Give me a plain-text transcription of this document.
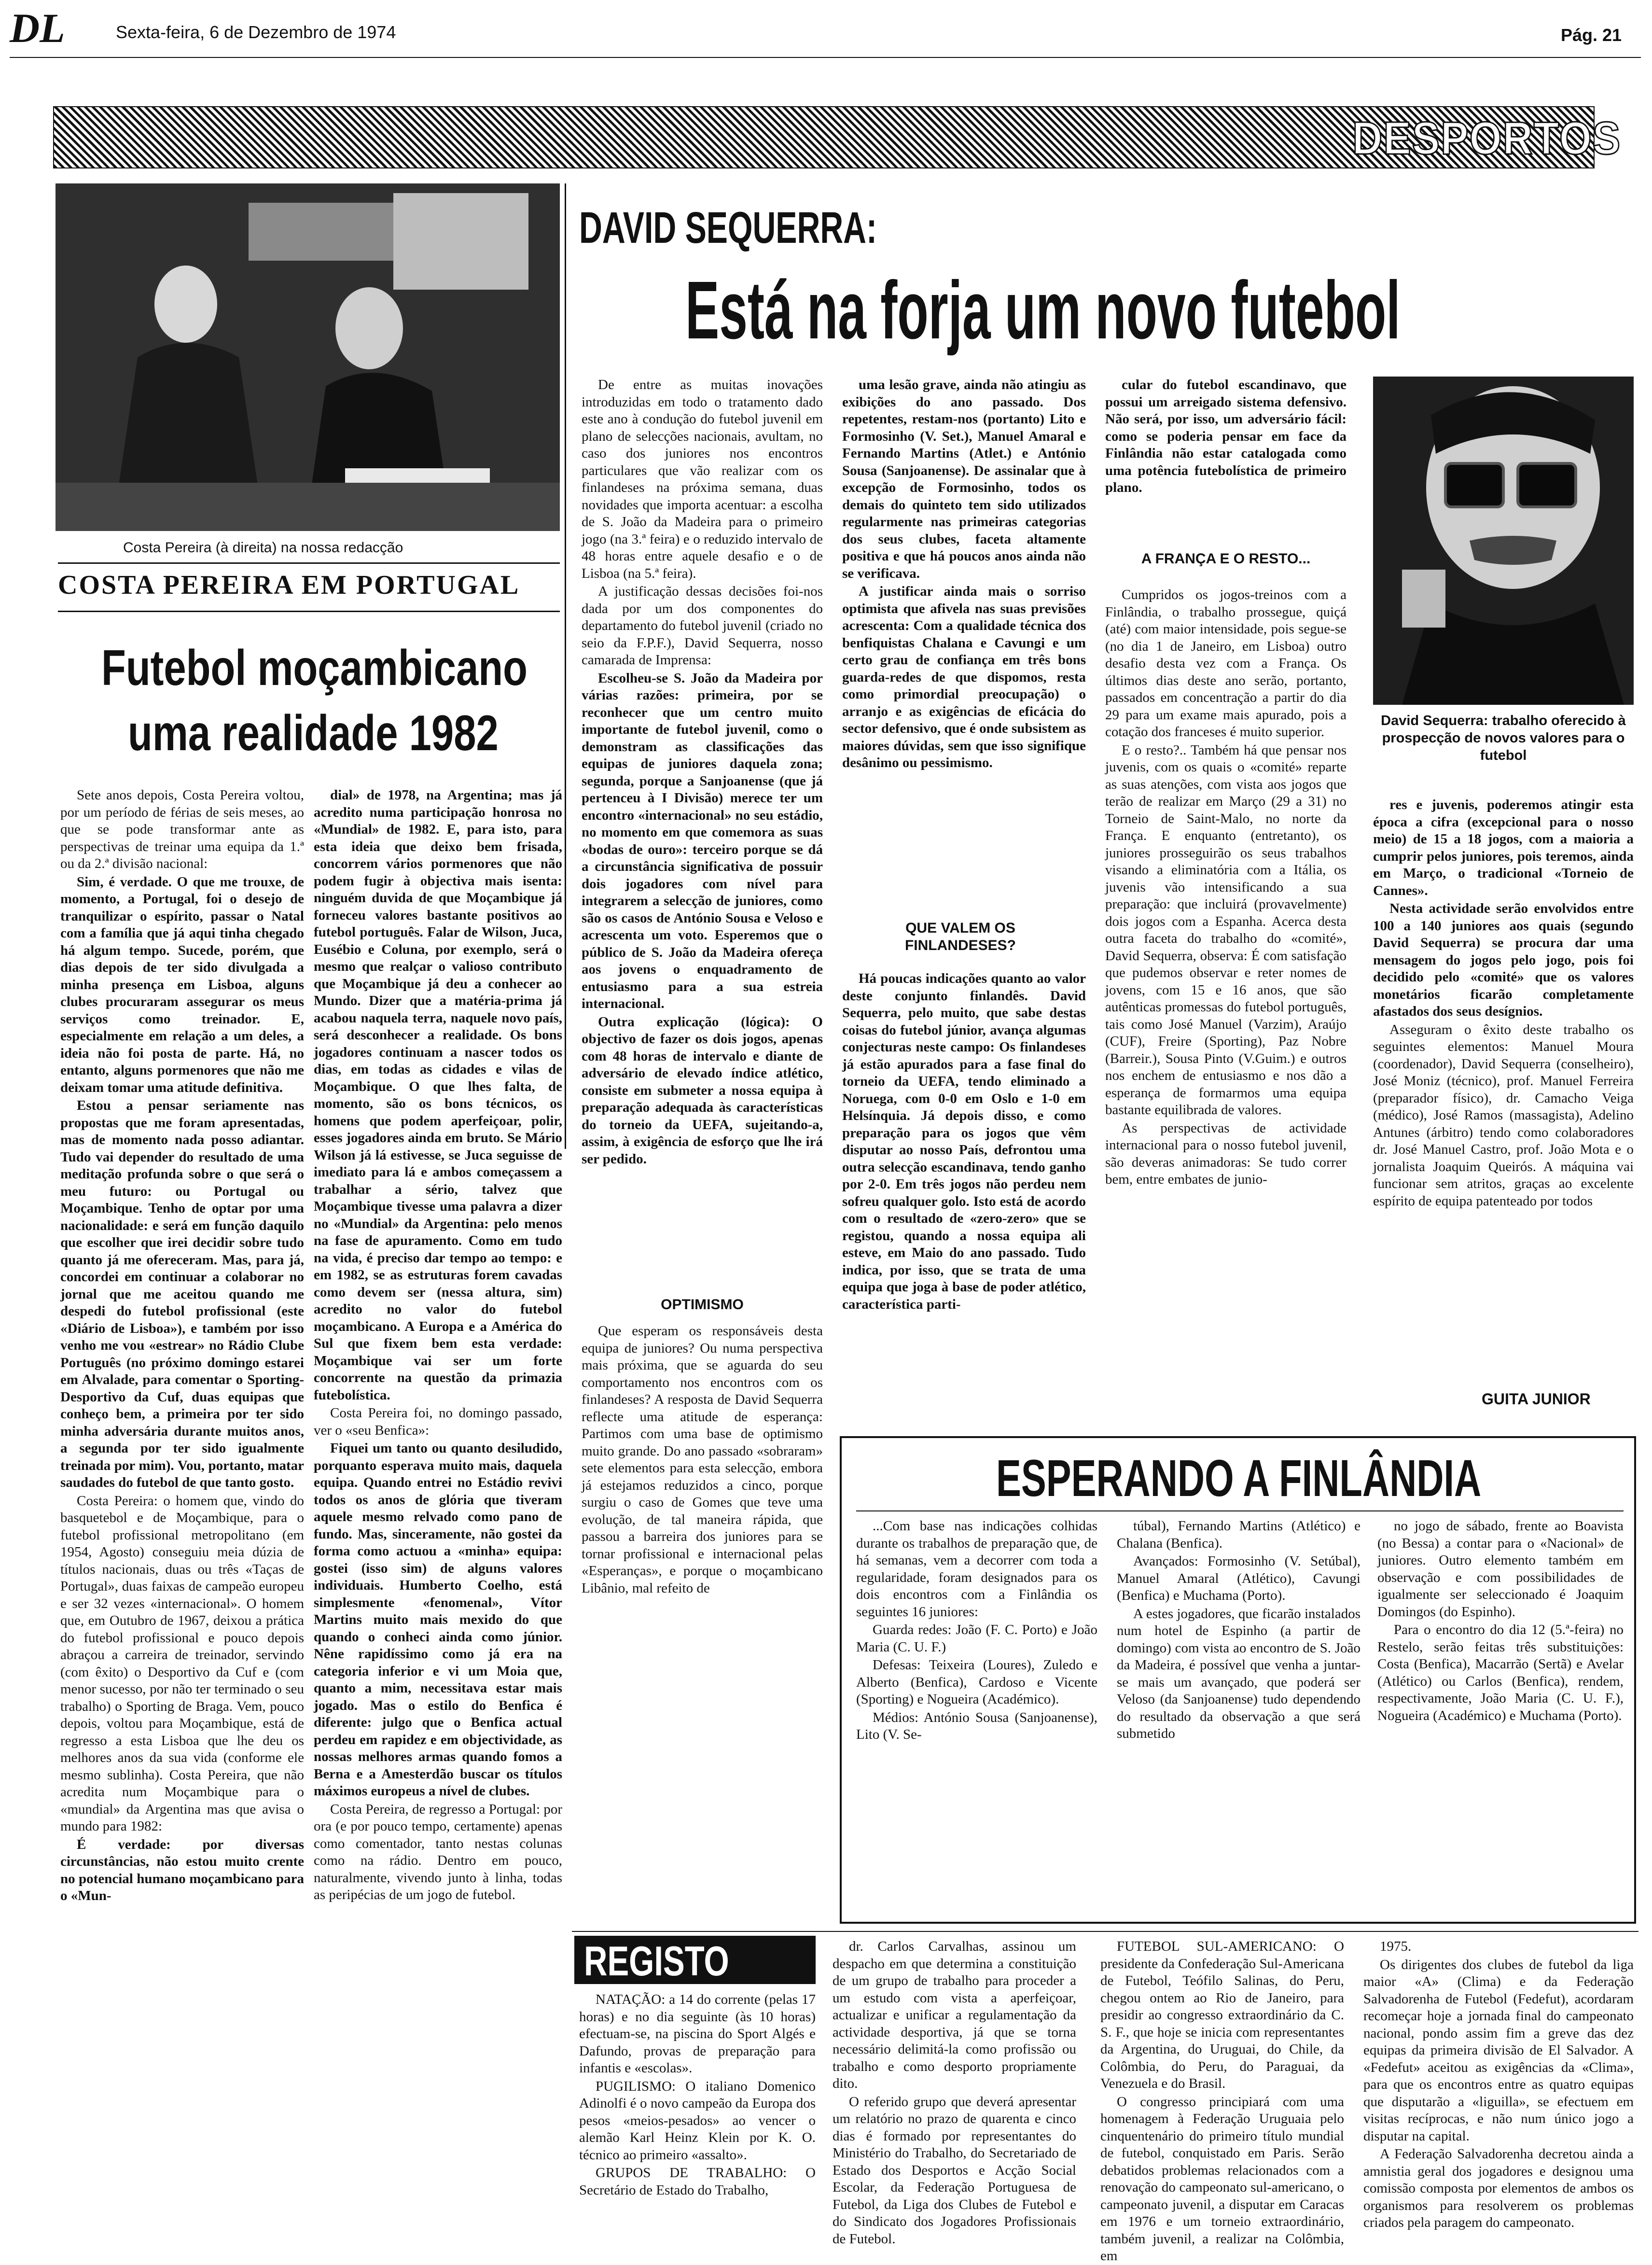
DL	Sexta-feira, 6 de Dezembro de 1974	Pág. 21
DESPORTOS
Costa Pereira (à direita) na nossa redacção
COSTA PEREIRA EM PORTUGAL
Futebol moçambicano
uma realidade 1982

Sete anos depois, Costa Pereira voltou, por um período de férias de seis meses, ao que se pode transformar ante as perspectivas de treinar uma equipa da 1.ª ou da 2.ª divisão nacional:

Sim, é verdade. O que me trouxe, de momento, a Portugal, foi o desejo de tranquilizar o espírito, passar o Natal com a família que já aqui tinha chegado há algum tempo. Sucede, porém, que dias depois de ter sido divulgada a minha presença em Lisboa, alguns clubes procuraram assegurar os meus serviços como treinador. E, especialmente em relação a um deles, a ideia não foi posta de parte. Há, no entanto, alguns pormenores que não me deixam tomar uma atitude definitiva.

Estou a pensar seriamente nas propostas que me foram apresentadas, mas de momento nada posso adiantar. Tudo vai depender do resultado de uma meditação profunda sobre o que será o meu futuro: ou Portugal ou Moçambique. Tenho de optar por uma nacionalidade: e será em função daquilo que escolher que irei decidir sobre tudo quanto já me ofereceram. Mas, para já, concordei em continuar a colaborar no jornal que me aceitou quando me despedi do futebol profissional (este «Diário de Lisboa»), e também por isso venho me vou «estrear» no Rádio Clube Português (no próximo domingo estarei em Alvalade, para comentar o Sporting-Desportivo da Cuf, duas equipas que conheço bem, a primeira por ter sido minha adversária durante muitos anos, a segunda por ter sido igualmente treinada por mim). Vou, portanto, matar saudades do futebol de que tanto gosto.

Costa Pereira: o homem que, vindo do basquetebol e de Moçambique, para o futebol profissional metropolitano (em 1954, Agosto) conseguiu meia dúzia de títulos nacionais, duas ou três «Taças de Portugal», duas faixas de campeão europeu e ser 32 vezes «internacional». O homem que, em Outubro de 1967, deixou a prática do futebol profissional e pouco depois abraçou a carreira de treinador, servindo (com êxito) o Desportivo da Cuf e (com menor sucesso, por não ter terminado o seu trabalho) o Sporting de Braga. Vem, pouco depois, voltou para Moçambique, está de regresso a esta Lisboa que lhe deu os melhores anos da sua vida (conforme ele mesmo sublinha). Costa Pereira, que não acredita num Moçambique para o «mundial» da Argentina mas que avisa o mundo para 1982:

É verdade: por diversas circunstâncias, não estou muito crente no potencial humano moçambicano para o «Mun-

dial» de 1978, na Argentina; mas já acredito numa participação honrosa no «Mundial» de 1982. E, para isto, para esta ideia que deixo bem frisada, concorrem vários pormenores que não podem fugir à objectiva mais isenta: ninguém duvida de que Moçambique já forneceu valores bastante positivos ao futebol português. Falar de Wilson, Juca, Eusébio e Coluna, por exemplo, será o mesmo que realçar o valioso contributo que Moçambique já deu a conhecer ao Mundo. Dizer que a matéria-prima já acabou naquela terra, naquele novo país, será desconhecer a realidade. Os bons jogadores continuam a nascer todos os dias, em todas as cidades e vilas de Moçambique. O que lhes falta, de momento, são os bons técnicos, os homens que podem aperfeiçoar, polir, esses jogadores ainda em bruto. Se Mário Wilson já lá estivesse, se Juca seguisse de imediato para lá e ambos começassem a trabalhar a sério, talvez que Moçambique tivesse uma palavra a dizer no «Mundial» da Argentina: pelo menos na fase de apuramento. Como em tudo na vida, é preciso dar tempo ao tempo: e em 1982, se as estruturas forem cavadas como devem ser (nessa altura, sim) acredito no valor do futebol moçambicano. A Europa e a América do Sul que fixem bem esta verdade: Moçambique vai ser um forte concorrente na questão da primazia futebolística.

Costa Pereira foi, no domingo passado, ver o «seu Benfica»:

Fiquei um tanto ou quanto desiludido, porquanto esperava muito mais, daquela equipa. Quando entrei no Estádio revivi todos os anos de glória que tiveram aquele mesmo relvado como pano de fundo. Mas, sinceramente, não gostei da forma como actuou a «minha» equipa: gostei (isso sim) de alguns valores individuais. Humberto Coelho, está simplesmente «fenomenal», Vítor Martins muito mais mexido do que quando o conheci ainda como júnior. Nêne rapidíssimo como já era na categoria inferior e vi um Moia que, quanto a mim, necessitava estar mais jogado. Mas o estilo do Benfica é diferente: julgo que o Benfica actual perdeu em rapidez e em objectividade, as nossas melhores armas quando fomos a Berna e a Amesterdão buscar os títulos máximos europeus a nível de clubes.

Costa Pereira, de regresso a Portugal: por ora (e por pouco tempo, certamente) apenas como comentador, tanto nestas colunas como na rádio. Dentro em pouco, naturalmente, vivendo junto à linha, todas as peripécias de um jogo de futebol.

DAVID SEQUERRA:
Está na forja um novo futebol

De entre as muitas inovações introduzidas em todo o tratamento dado este ano à condução do futebol juvenil em plano de selecções nacionais, avultam, no caso dos juniores nos encontros particulares que vão realizar com os finlandeses na próxima semana, duas novidades que importa acentuar: a escolha de S. João da Madeira para o primeiro jogo (na 3.ª feira) e o reduzido intervalo de 48 horas entre aquele desafio e o de Lisboa (na 5.ª feira).

A justificação dessas decisões foi-nos dada por um dos componentes do departamento do futebol juvenil (criado no seio da F.P.F.), David Sequerra, nosso camarada de Imprensa:

Escolheu-se S. João da Madeira por várias razões: primeira, por se reconhecer que um centro muito importante de futebol juvenil, como o demonstram as classificações das equipas de juniores daquela zona; segunda, porque a Sanjoanense (que já pertenceu à I Divisão) merece ter um encontro «internacional» no seu estádio, no momento em que comemora as suas «bodas de ouro»: terceiro porque se dá a circunstância significativa de possuir dois jogadores com nível para integrarem a selecção de juniores, como são os casos de António Sousa e Veloso e acrescenta um voto. Esperemos que o público de S. João da Madeira ofereça aos jovens o enquadramento de entusiasmo para a sua estreia internacional.

Outra explicação (lógica): O objectivo de fazer os dois jogos, apenas com 48 horas de intervalo e diante de adversário de elevado índice atlético, consiste em submeter a nossa equipa à preparação adequada às características do torneio da UEFA, sujeitando-a, assim, à exigência de esforço que lhe irá ser pedido.

OPTIMISMO

Que esperam os responsáveis desta equipa de juniores? Ou numa perspectiva mais próxima, que se aguarda do seu comportamento nos encontros com os finlandeses? A resposta de David Sequerra reflecte uma atitude de esperança: Partimos com uma base de optimismo muito grande. Do ano passado «sobraram» sete elementos para esta selecção, embora já estejamos reduzidos a cinco, porque surgiu o caso de Gomes que teve uma evolução, de tal maneira rápida, que passou a barreira dos juniores para se tornar profissional e internacional pelas «Esperanças», e porque o moçambicano Libânio, mal refeito de

uma lesão grave, ainda não atingiu as exibições do ano passado. Dos repetentes, restam-nos (portanto) Lito e Formosinho (V. Set.), Manuel Amaral e Fernando Martins (Atlet.) e António Sousa (Sanjoanense). De assinalar que à excepção de Formosinho, todos os demais do quinteto tem sido utilizados regularmente nas primeiras categorias dos seus clubes, faceta altamente positiva e que há poucos anos ainda não se verificava.

A justificar ainda mais o sorriso optimista que afivela nas suas previsões acrescenta: Com a qualidade técnica dos benfiquistas Chalana e Cavungi e um certo grau de confiança em três bons guarda-redes de que dispomos, resta como primordial preocupação) o arranjo e as exigências de eficácia do sector defensivo, que é onde subsistem as maiores dúvidas, sem que isso signifique desânimo ou pessimismo.

QUE VALEM OS FINLANDESES?

Há poucas indicações quanto ao valor deste conjunto finlandês. David Sequerra, pelo muito, que sabe destas coisas do futebol júnior, avança algumas conjecturas neste campo: Os finlandeses já estão apurados para a fase final do torneio da UEFA, tendo eliminado a Noruega, com 0-0 em Oslo e 1-0 em Helsínquia. Já depois disso, e como preparação para os jogos que vêm disputar ao nosso País, defrontou uma outra selecção escandinava, tendo ganho por 2-0. Em três jogos não perdeu nem sofreu qualquer golo. Isto está de acordo com o resultado de «zero-zero» que se registou, quando a nossa equipa ali esteve, em Maio do ano passado. Tudo indica, por isso, que se trata de uma equipa que joga à base de poder atlético, característica parti-

cular do futebol escandinavo, que possui um arreigado sistema defensivo. Não será, por isso, um adversário fácil: como se poderia pensar em face da Finlândia não estar catalogada como uma potência futebolística de primeiro plano.

A FRANÇA E O RESTO...

Cumpridos os jogos-treinos com a Finlândia, o trabalho prossegue, quiçá (até) com maior intensidade, pois segue-se (no dia 1 de Janeiro, em Lisboa) outro desafio desta vez com a França. Os últimos dias deste ano serão, portanto, passados em concentração a partir do dia 29 para um exame mais apurado, pois a cotação dos franceses é muito superior.

E o resto?.. Também há que pensar nos juvenis, com os quais o «comité» reparte as suas atenções, com vista aos jogos que terão de realizar em Março (29 a 31) no Torneio de Saint-Malo, no norte da França. E enquanto (entretanto), os juniores prosseguirão os seus trabalhos visando a eliminatória com a Itália, os juvenis vão intensificando a sua preparação: que incluirá (provavelmente) dois jogos com a Espanha. Acerca desta outra faceta do trabalho do «comité», David Sequerra, observa: É com satisfação que pudemos observar e reter nomes de jovens, com 15 e 16 anos, que são autênticas promessas do futebol português, tais como José Manuel (Varzim), Araújo (CUF), Freire (Sporting), Paz Nobre (Barreir.), Sousa Pinto (V.Guim.) e outros nos enchem de entusiasmo e nos dão a esperança de formarmos uma equipa bastante equilibrada de valores.

As perspectivas de actividade internacional para o nosso futebol juvenil, são deveras animadoras: Se tudo correr bem, entre embates de junio-

David Sequerra: trabalho oferecido à prospecção de novos valores para o futebol

res e juvenis, poderemos atingir esta época a cifra (excepcional para o nosso meio) de 15 a 18 jogos, com a maioria a cumprir pelos juniores, pois teremos, ainda em Março, o tradicional «Torneio de Cannes».

Nesta actividade serão envolvidos entre 100 a 140 juniores aos quais (segundo David Sequerra) se procura dar uma mensagem do jogos pelo jogo, pois foi decidido pelo «comité» que os valores monetários ficarão completamente afastados dos seus desígnios.

Asseguram o êxito deste trabalho os seguintes elementos: Manuel Moura (coordenador), David Sequerra (conselheiro), José Moniz (técnico), prof. Manuel Ferreira (preparador físico), dr. Camacho Veiga (médico), José Ramos (massagista), Adelino Antunes (árbitro) tendo como colaboradores dr. José Manuel Castro, prof. João Mota e o jornalista Joaquim Queirós. A máquina vai funcionar sem atritos, graças ao excelente espírito de equipa patenteado por todos

GUITA JUNIOR
ESPERANDO A FINLÂNDIA

...Com base nas indicações colhidas durante os trabalhos de preparação que, de há semanas, vem a decorrer com toda a regularidade, foram designados para os dois encontros com a Finlândia os seguintes 16 juniores:

Guarda redes: João (F. C. Porto) e João Maria (C. U. F.)

Defesas: Teixeira (Loures), Zuledo e Alberto (Benfica), Cardoso e Vicente (Sporting) e Nogueira (Académico).

Médios: António Sousa (Sanjoanense), Lito (V. Se-

túbal), Fernando Martins (Atlético) e Chalana (Benfica).

Avançados: Formosinho (V. Setúbal), Manuel Amaral (Atlético), Cavungi (Benfica) e Muchama (Porto).

A estes jogadores, que ficarão instalados num hotel de Espinho (a partir de domingo) com vista ao encontro de S. João da Madeira, é possível que venha a juntar-se mais um avançado, que poderá ser Veloso (da Sanjoanense) tudo dependendo do resultado da observação a que será submetido

no jogo de sábado, frente ao Boavista (no Bessa) a contar para o «Nacional» de juniores. Outro elemento também em observação e com possibilidades de igualmente ser seleccionado é Joaquim Domingos (do Espinho).

Para o encontro do dia 12 (5.ª-feira) no Restelo, serão feitas três substituições: Costa (Benfica), Macarrão (Sertã) e Avelar (Atlético) ou Carlos (Benfica), rendem, respectivamente, João Maria (C. U. F.), Nogueira (Académico) e Muchama (Porto).

REGISTO

NATAÇÃO: a 14 do corrente (pelas 17 horas) e no dia seguinte (às 10 horas) efectuam-se, na piscina do Sport Algés e Dafundo, provas de preparação para infantis e «escolas».

PUGILISMO: O italiano Domenico Adinolfi é o novo campeão da Europa dos pesos «meios-pesados» ao vencer o alemão Karl Heinz Klein por K. O. técnico ao primeiro «assalto».

GRUPOS DE TRABALHO: O Secretário de Estado do Trabalho,

dr. Carlos Carvalhas, assinou um despacho em que determina a constituição de um grupo de trabalho para proceder a um estudo com vista a aperfeiçoar, actualizar e unificar a regulamentação da actividade desportiva, já que se torna necessário delimitá-la como profissão ou trabalho e como desporto propriamente dito.

O referido grupo que deverá apresentar um relatório no prazo de quarenta e cinco dias é formado por representantes do Ministério do Trabalho, do Secretariado de Estado dos Desportos e Acção Social Escolar, da Federação Portuguesa de Futebol, da Liga dos Clubes de Futebol e do Sindicato dos Jogadores Profissionais de Futebol.

FUTEBOL SUL-AMERICANO: O presidente da Confederação Sul-Americana de Futebol, Teófilo Salinas, do Peru, chegou ontem ao Rio de Janeiro, para presidir ao congresso extraordinário da C. S. F., que hoje se inicia com representantes da Argentina, do Uruguai, do Chile, da Colômbia, do Peru, do Paraguai, da Venezuela e do Brasil.

O congresso principiará com uma homenagem à Federação Uruguaia pelo cinquentenário do primeiro título mundial de futebol, conquistado em Paris. Serão debatidos problemas relacionados com a renovação do campeonato sul-americano, o campeonato juvenil, a disputar em Caracas em 1976 e um torneio extraordinário, também juvenil, a realizar na Colômbia, em

1975.

Os dirigentes dos clubes de futebol da liga maior «A» (Clima) e da Federação Salvadorenha de Futebol (Fedefut), acordaram recomeçar hoje a jornada final do campeonato nacional, pondo assim fim a greve das dez equipas da primeira divisão de El Salvador. A «Fedefut» aceitou as exigências da «Clima», para que os encontros entre as quatro equipas que disputarão a «liguilla», se efectuem em visitas recíprocas, e não num único jogo a disputar na capital.

A Federação Salvadorenha decretou ainda a amnistia geral dos jogadores e designou uma comissão composta por elementos de ambos os organismos para resolverem os problemas criados pela paragem do campeonato.
